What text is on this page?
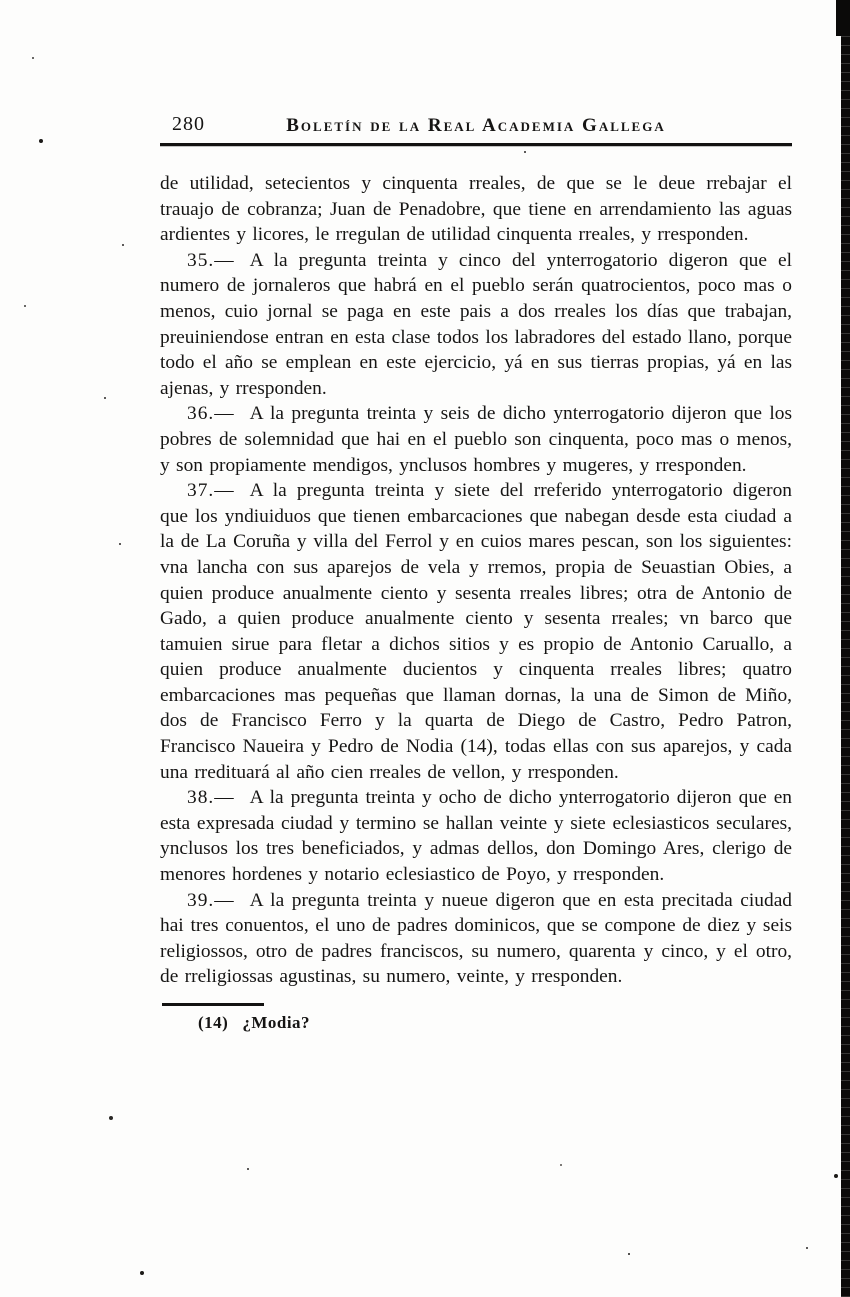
280	Boletín de la Real Academia Gallega

de utilidad, setecientos y cinquenta rreales, de que se le deue rrebajar el trauajo de cobranza; Juan de Penadobre, que tiene en arrendamiento las aguas ardientes y licores, le rregulan de utilidad cinquenta rreales, y rresponden.

35.— A la pregunta treinta y cinco del ynterrogatorio digeron que el numero de jornaleros que habrá en el pueblo serán quatrocientos, poco mas o menos, cuio jornal se paga en este pais a dos rreales los días que trabajan, preuiniendose entran en esta clase todos los labradores del estado llano, porque todo el año se emplean en este ejercicio, yá en sus tierras propias, yá en las ajenas, y rresponden.

36.— A la pregunta treinta y seis de dicho ynterrogatorio dijeron que los pobres de solemnidad que hai en el pueblo son cinquenta, poco mas o menos, y son propiamente mendigos, ynclusos hombres y mugeres, y rresponden.

37.— A la pregunta treinta y siete del rreferido ynterrogatorio digeron que los yndiuiduos que tienen embarcaciones que nabegan desde esta ciudad a la de La Coruña y villa del Ferrol y en cuios mares pescan, son los siguientes: vna lancha con sus aparejos de vela y rremos, propia de Seuastian Obies, a quien produce anualmente ciento y sesenta rreales libres; otra de Antonio de Gado, a quien produce anualmente ciento y sesenta rreales; vn barco que tamuien sirue para fletar a dichos sitios y es propio de Antonio Caruallo, a quien produce anualmente ducientos y cinquenta rreales libres; quatro embarcaciones mas pequeñas que llaman dornas, la una de Simon de Miño, dos de Francisco Ferro y la quarta de Diego de Castro, Pedro Patron, Francisco Naueira y Pedro de Nodia (14), todas ellas con sus aparejos, y cada una rredituará al año cien rreales de vellon, y rresponden.

38.— A la pregunta treinta y ocho de dicho ynterrogatorio dijeron que en esta expresada ciudad y termino se hallan veinte y siete eclesiasticos seculares, ynclusos los tres beneficiados, y admas dellos, don Domingo Ares, clerigo de menores hordenes y notario eclesiastico de Poyo, y rresponden.

39.— A la pregunta treinta y nueue digeron que en esta precitada ciudad hai tres conuentos, el uno de padres dominicos, que se compone de diez y seis religiossos, otro de padres franciscos, su numero, quarenta y cinco, y el otro, de rreligiossas agustinas, su numero, veinte, y rresponden.

(14) ¿Modia?
